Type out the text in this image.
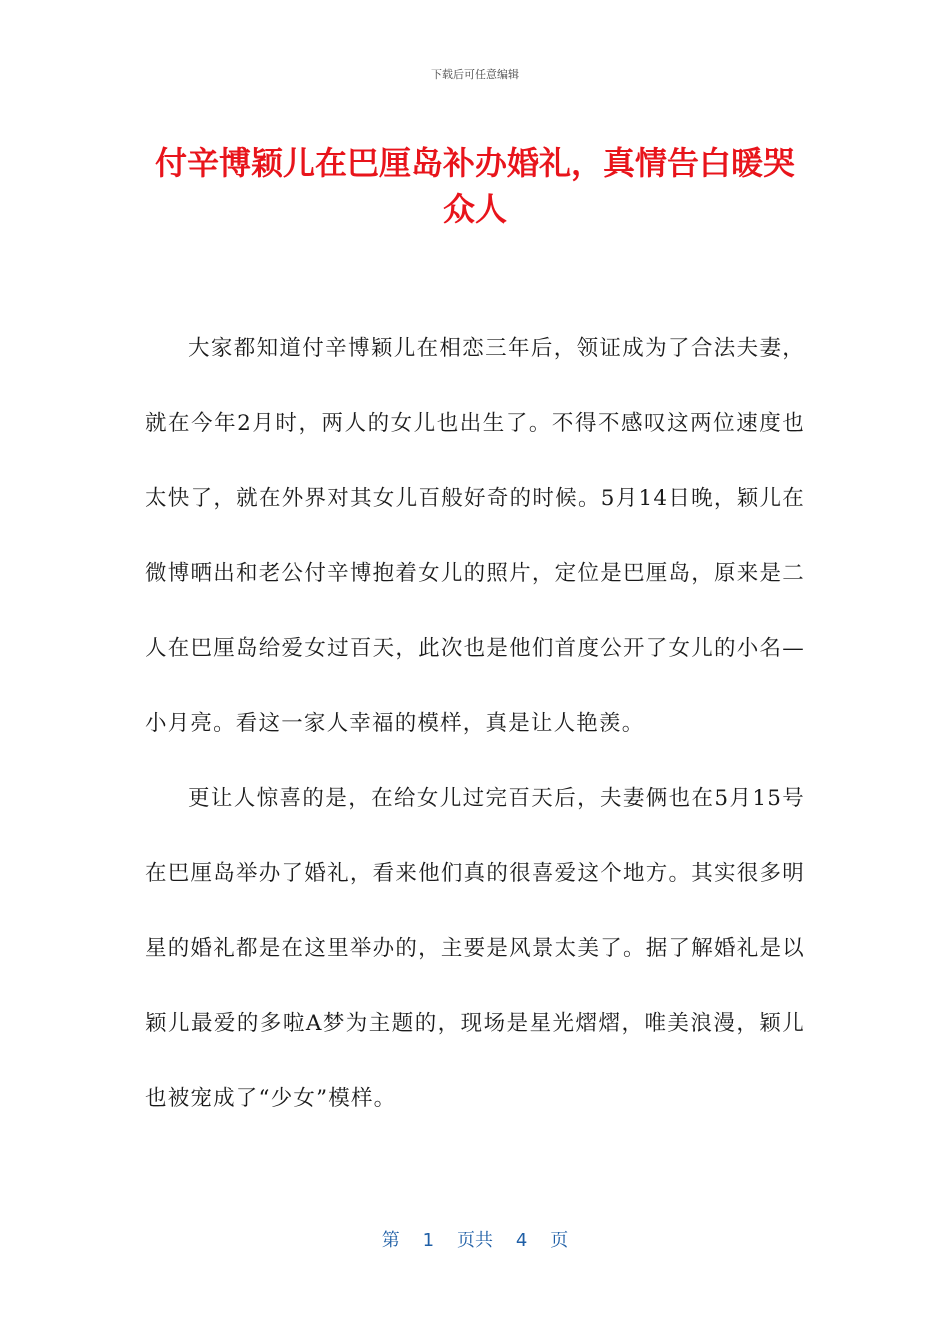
下载后可任意编辑
付辛博颖儿在巴厘岛补办婚礼，真情告白暖哭众人

大家都知道付辛博颖儿在相恋三年后，领证成为了合法夫妻，就在今年2月时，两人的女儿也出生了。不得不感叹这两位速度也太快了，就在外界对其女儿百般好奇的时候。5月14日晚，颖儿在微博晒出和老公付辛博抱着女儿的照片，定位是巴厘岛，原来是二人在巴厘岛给爱女过百天，此次也是他们首度公开了女儿的小名—小月亮。看这一家人幸福的模样，真是让人艳羡。

更让人惊喜的是，在给女儿过完百天后，夫妻俩也在5月15号在巴厘岛举办了婚礼，看来他们真的很喜爱这个地方。其实很多明星的婚礼都是在这里举办的，主要是风景太美了。据了解婚礼是以颖儿最爱的多啦A梦为主题的，现场是星光熠熠，唯美浪漫，颖儿也被宠成了“少女”模样。

第 1 页共 4 页
